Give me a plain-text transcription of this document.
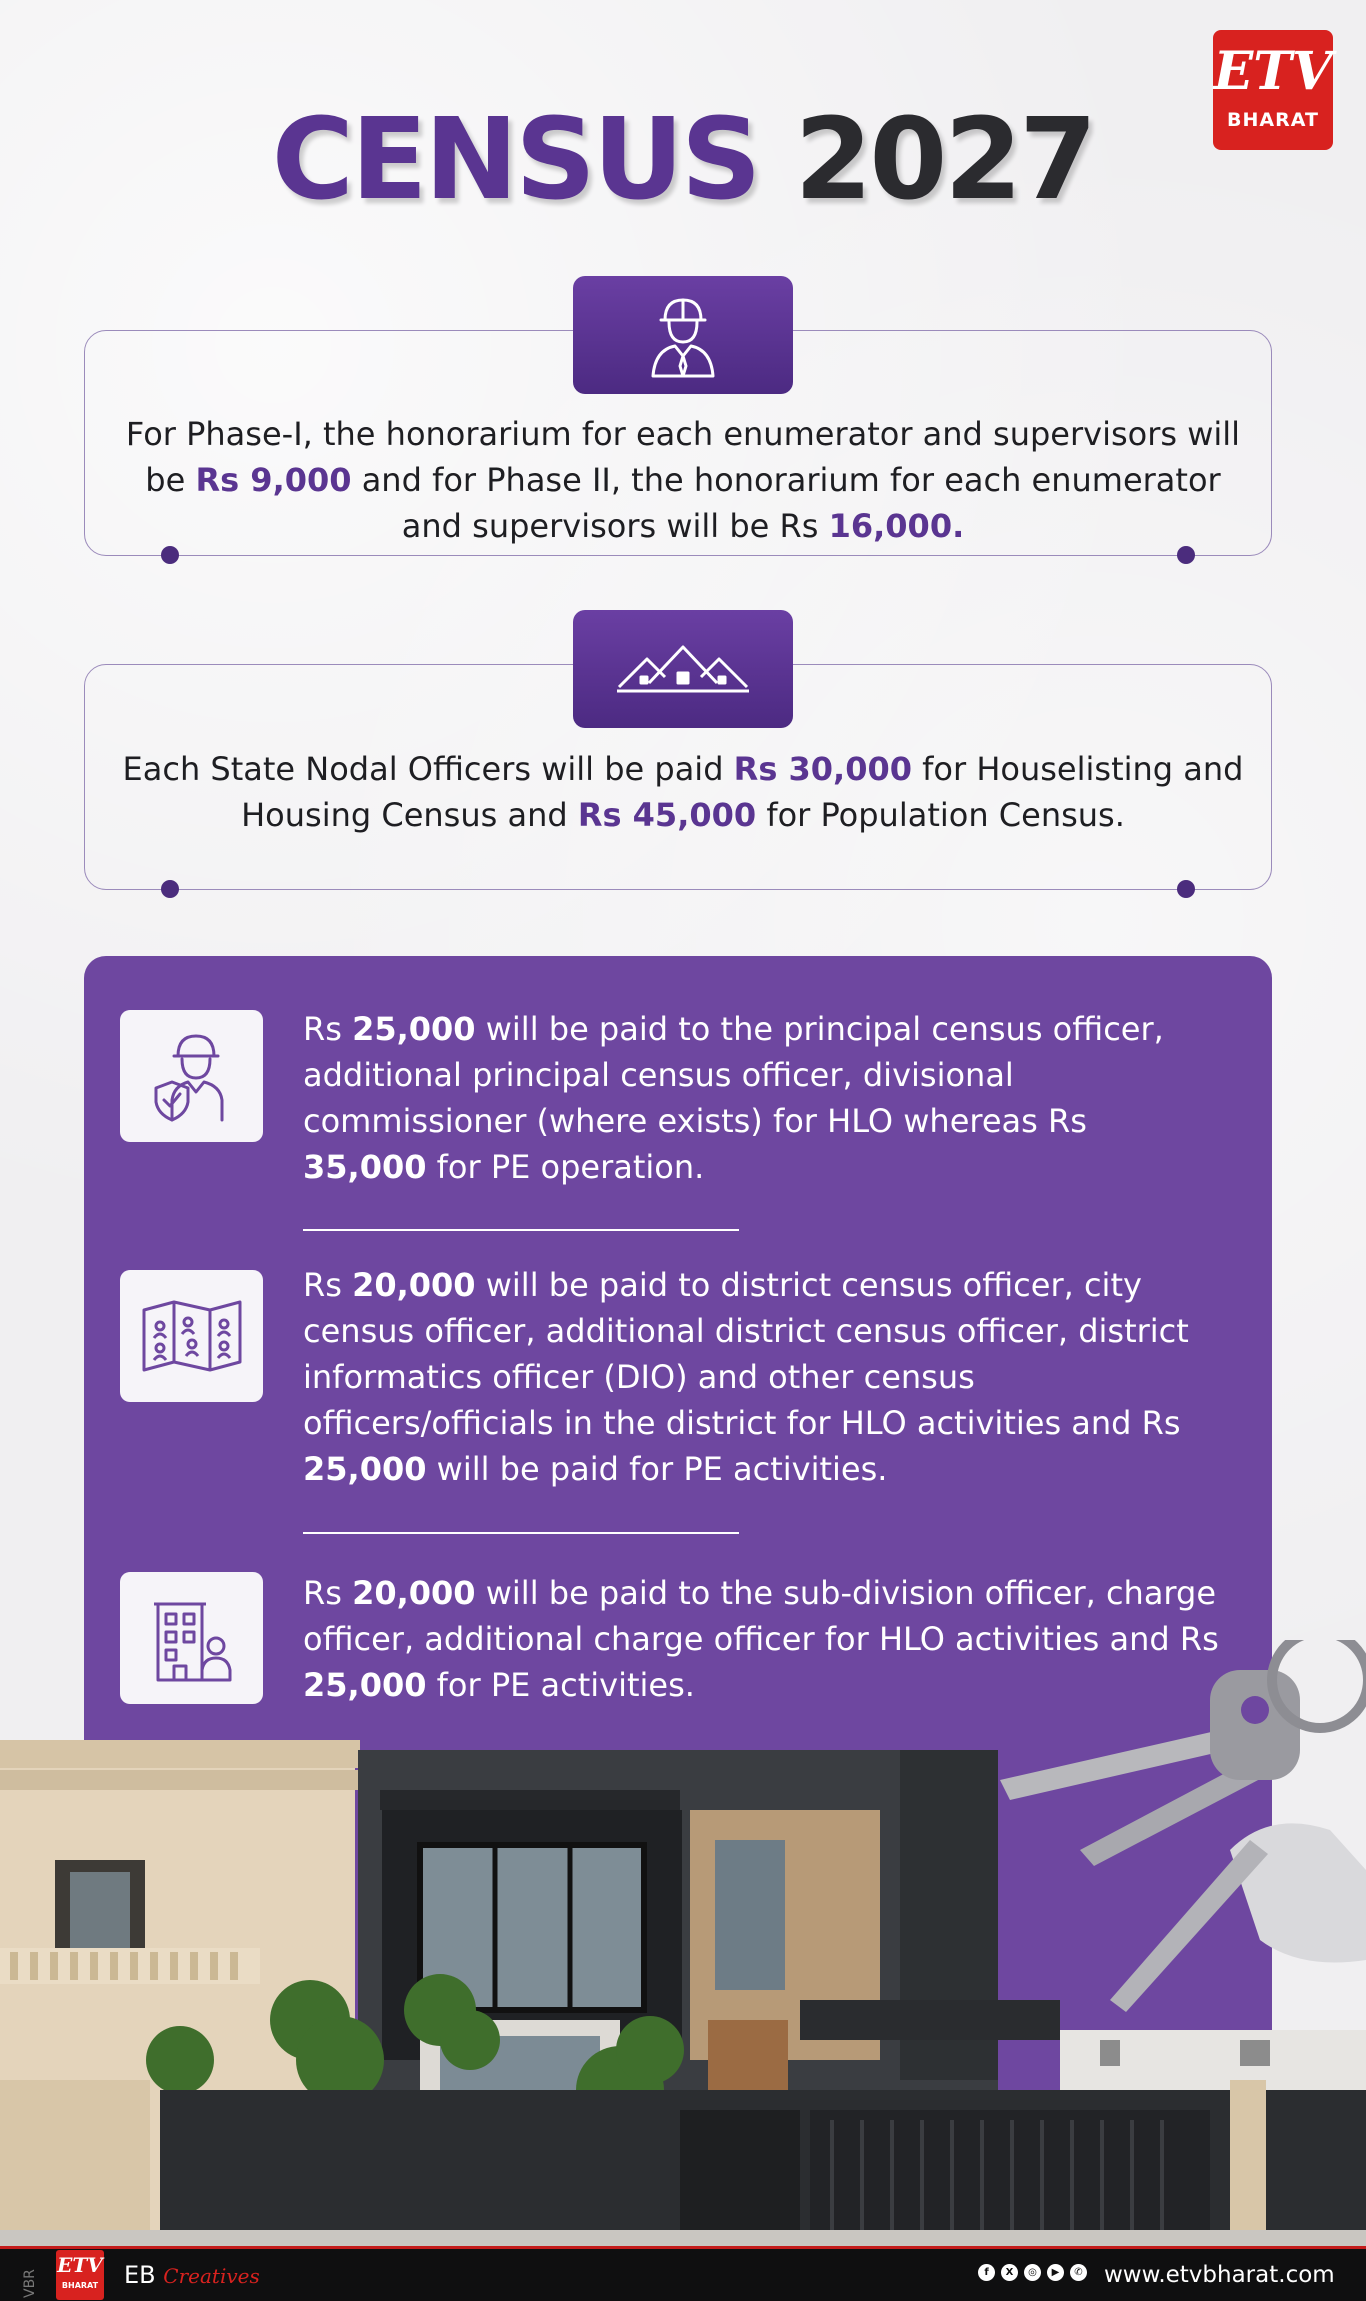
CENSUS 2027
ETV
BHARAT

For Phase-I, the honorarium for each enumerator and supervisors will be Rs 9,000 and for Phase II, the honorarium for each enumerator and supervisors will be Rs 16,000.

Each State Nodal Officers will be paid Rs 30,000 for Houselisting and Housing Census and Rs 45,000 for Population Census.

Rs 25,000 will be paid to the principal census officer, additional principal census officer, divisional commissioner (where exists) for HLO whereas Rs
35,000 for PE operation.

Rs 20,000 will be paid to district census officer, city census officer, additional district census officer, district informatics officer (DIO) and other census officers/officials in the district for HLO activities and Rs 25,000 will be paid for PE activities.

Rs 20,000 will be paid to the sub-division officer, charge officer, additional charge officer for HLO activities and Rs 25,000 for PE activities.

VBR
ETV
BHARAT EB Creatives	f	X	◎	▶	✆ www.etvbharat.com
